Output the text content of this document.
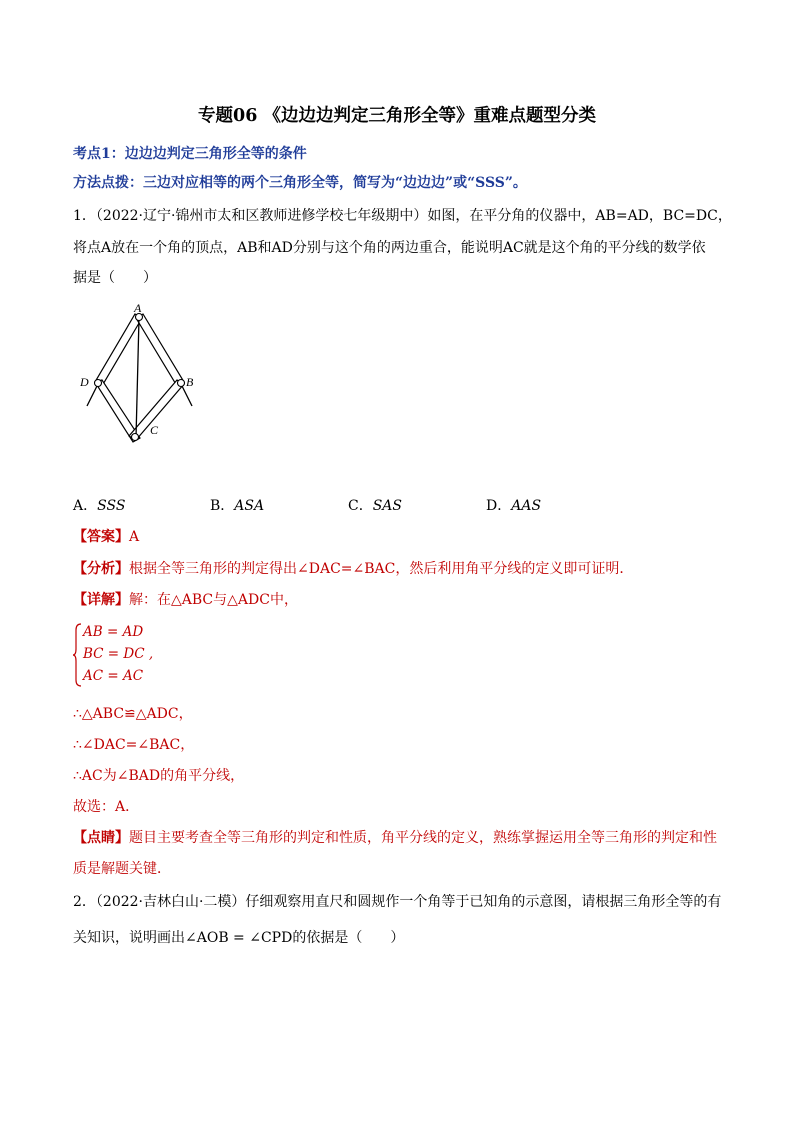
专题06 《边边边判定三角形全等》重难点题型分类
考点1：边边边判定三角形全等的条件
方法点拨：三边对应相等的两个三角形全等，简写为“边边边”或“SSS”。
1．（2022·辽宁·锦州市太和区教师进修学校七年级期中）如图，在平分角的仪器中，AB=AD，BC=DC，
将点A放在一个角的顶点，AB和AD分别与这个角的两边重合，能说明AC就是这个角的平分线的数学依
据是（　　）
A
D	B
C
A．SSS	B．ASA	C．SAS	D．AAS
【答案】A
【分析】根据全等三角形的判定得出∠DAC=∠BAC，然后利用角平分线的定义即可证明．
【详解】解：在△ABC与△ADC中，
AB = AD
BC = DC ,
AC = AC
∴△ABC≌△ADC，
∴∠DAC=∠BAC，
∴AC为∠BAD的角平分线，
故选：A．
【点睛】题目主要考查全等三角形的判定和性质，角平分线的定义，熟练掌握运用全等三角形的判定和性
质是解题关键．
2．（2022·吉林白山·二模）仔细观察用直尺和圆规作一个角等于已知角的示意图，请根据三角形全等的有
关知识，说明画出∠AOB = ∠CPD的依据是（　　）
